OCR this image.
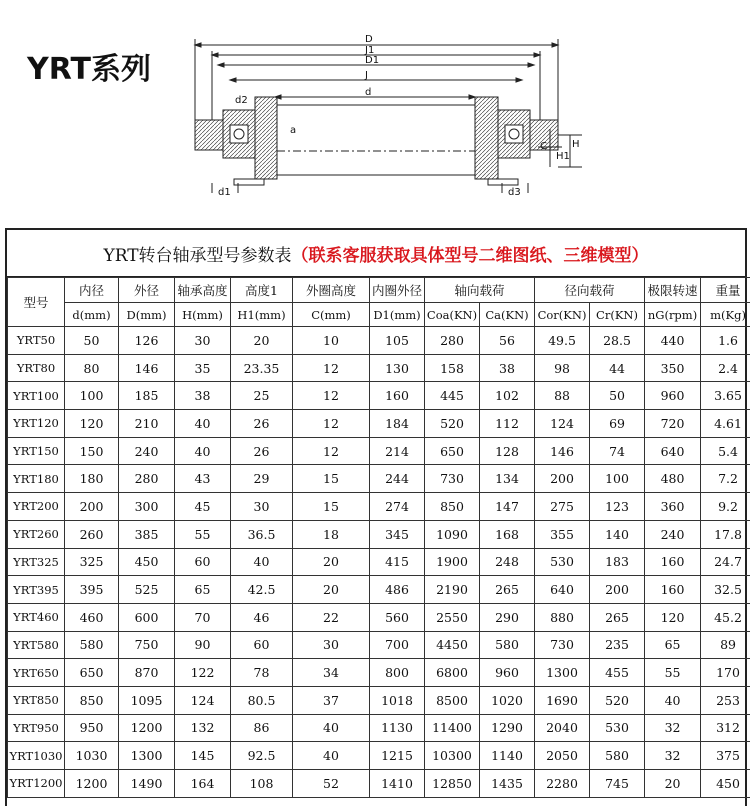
YRT系列
D
J1
D1
J
d
d2
a
C	H
H1
d1	d3
YRT转台轴承型号参数表 （联系客服获取具体型号二维图纸、三维模型）
型号	内径	外径	轴承高度	高度1	外圈高度	内圈外径	轴向载荷		径向载荷		极限转速	重量
	d(mm)	D(mm)	H(mm)	H1(mm)	C(mm)	D1(mm)	Coa(KN)	Ca(KN)	Cor(KN)	Cr(KN)	nG(rpm)	m(Kg)
YRT50	50	126	30	20	10	105	280	56	49.5	28.5	440	1.6
YRT80	80	146	35	23.35	12	130	158	38	98	44	350	2.4
YRT100	100	185	38	25	12	160	445	102	88	50	960	3.65
YRT120	120	210	40	26	12	184	520	112	124	69	720	4.61
YRT150	150	240	40	26	12	214	650	128	146	74	640	5.4
YRT180	180	280	43	29	15	244	730	134	200	100	480	7.2
YRT200	200	300	45	30	15	274	850	147	275	123	360	9.2
YRT260	260	385	55	36.5	18	345	1090	168	355	140	240	17.8
YRT325	325	450	60	40	20	415	1900	248	530	183	160	24.7
YRT395	395	525	65	42.5	20	486	2190	265	640	200	160	32.5
YRT460	460	600	70	46	22	560	2550	290	880	265	120	45.2
YRT580	580	750	90	60	30	700	4450	580	730	235	65	89
YRT650	650	870	122	78	34	800	6800	960	1300	455	55	170
YRT850	850	1095	124	80.5	37	1018	8500	1020	1690	520	40	253
YRT950	950	1200	132	86	40	1130	11400	1290	2040	530	32	312
YRT1030	1030	1300	145	92.5	40	1215	10300	1140	2050	580	32	375
YRT1200	1200	1490	164	108	52	1410	12850	1435	2280	745	20	450
